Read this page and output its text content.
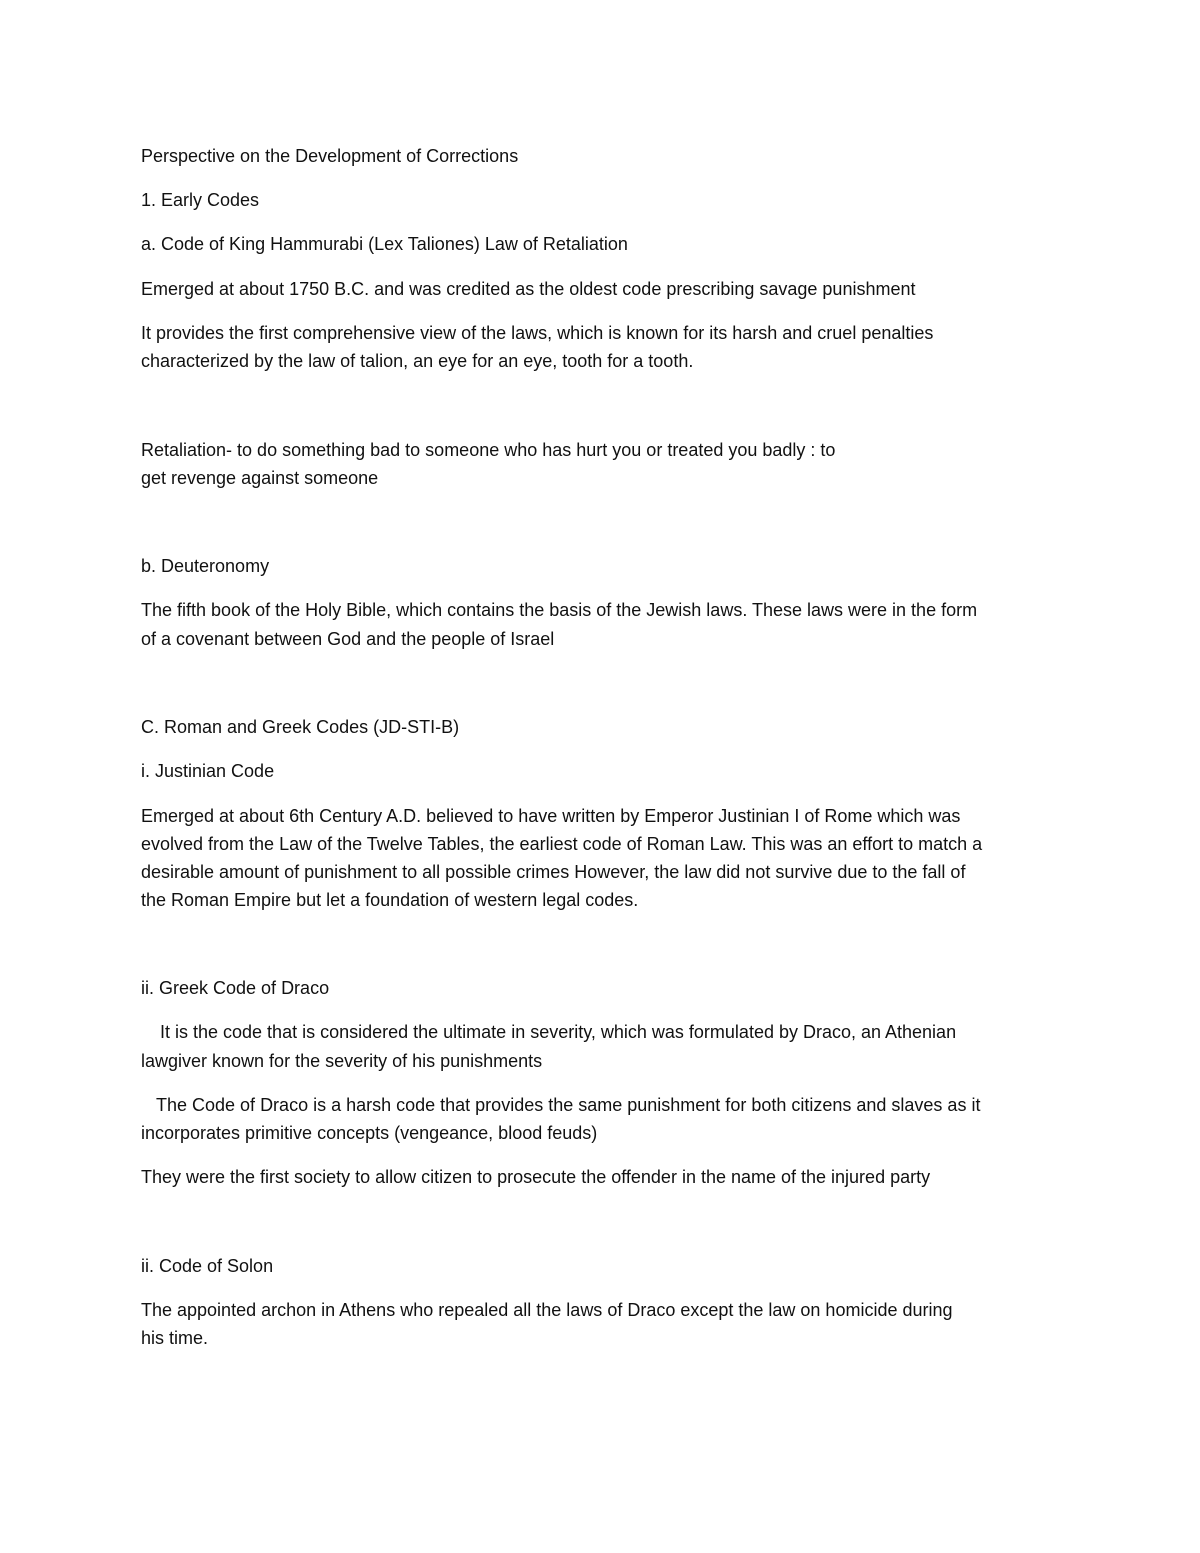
Perspective on the Development of Corrections

1. Early Codes

a. Code of King Hammurabi (Lex Taliones) Law of Retaliation

Emerged at about 1750 B.C. and was credited as the oldest code prescribing savage punishment

It provides the first comprehensive view of the laws, which is known for its harsh and cruel penalties

characterized by the law of talion, an eye for an eye, tooth for a tooth.

Retaliation- to do something bad to someone who has hurt you or treated you badly : to

get revenge against someone

b. Deuteronomy

The fifth book of the Holy Bible, which contains the basis of the Jewish laws. These laws were in the form

of a covenant between God and the people of Israel

C. Roman and Greek Codes (JD-STI-B)

i. Justinian Code

Emerged at about 6th Century A.D. believed to have written by Emperor Justinian I of Rome which was

evolved from the Law of the Twelve Tables, the earliest code of Roman Law. This was an effort to match a

desirable amount of punishment to all possible crimes However, the law did not survive due to the fall of

the Roman Empire but let a foundation of western legal codes.

ii. Greek Code of Draco

It is the code that is considered the ultimate in severity, which was formulated by Draco, an Athenian

lawgiver known for the severity of his punishments

The Code of Draco is a harsh code that provides the same punishment for both citizens and slaves as it

incorporates primitive concepts (vengeance, blood feuds)

They were the first society to allow citizen to prosecute the offender in the name of the injured party

ii. Code of Solon

The appointed archon in Athens who repealed all the laws of Draco except the law on homicide during

his time.
